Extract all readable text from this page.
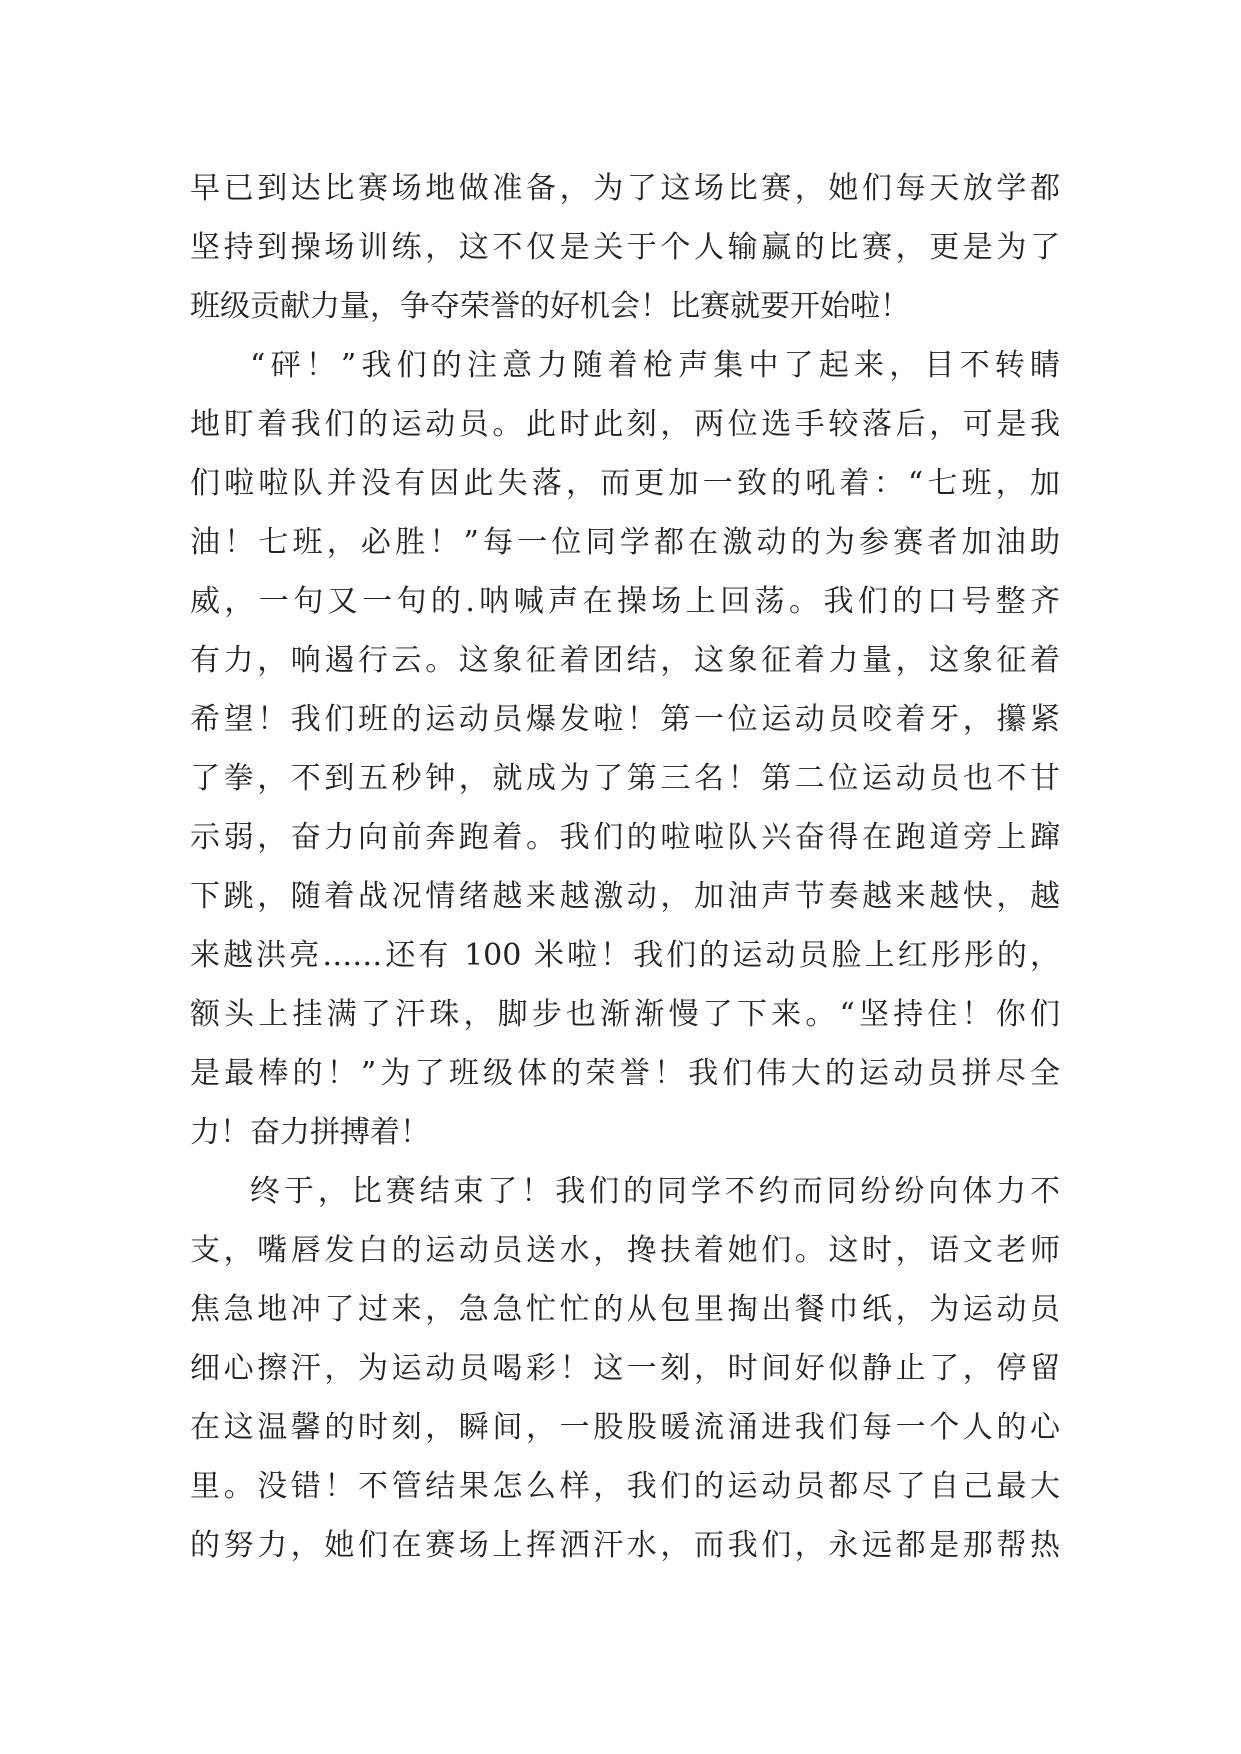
早已到达比赛场地做准备，为了这场比赛，她们每天放学都
坚持到操场训练，这不仅是关于个人输赢的比赛，更是为了
班级贡献力量，争夺荣誉的好机会！比赛就要开始啦！
“砰！”我们的注意力随着枪声集中了起来，目不转睛
地盯着我们的运动员。此时此刻，两位选手较落后，可是我
们啦啦队并没有因此失落，而更加一致的吼着：“七班，加
油！七班，必胜！”每一位同学都在激动的为参赛者加油助
威，一句又一句的.呐喊声在操场上回荡。我们的口号整齐
有力，响遏行云。这象征着团结，这象征着力量，这象征着
希望！我们班的运动员爆发啦！第一位运动员咬着牙，攥紧
了拳，不到五秒钟，就成为了第三名！第二位运动员也不甘
示弱，奋力向前奔跑着。我们的啦啦队兴奋得在跑道旁上蹿
下跳，随着战况情绪越来越激动，加油声节奏越来越快，越
来越洪亮……还有 100 米啦！我们的运动员脸上红彤彤的，
额头上挂满了汗珠，脚步也渐渐慢了下来。“坚持住！你们
是最棒的！”为了班级体的荣誉！我们伟大的运动员拼尽全
力！奋力拼搏着！
终于，比赛结束了！我们的同学不约而同纷纷向体力不
支，嘴唇发白的运动员送水，搀扶着她们。这时，语文老师
焦急地冲了过来，急急忙忙的从包里掏出餐巾纸，为运动员
细心擦汗，为运动员喝彩！这一刻，时间好似静止了，停留
在这温馨的时刻，瞬间，一股股暖流涌进我们每一个人的心
里。没错！不管结果怎么样，我们的运动员都尽了自己最大
的努力，她们在赛场上挥洒汗水，而我们，永远都是那帮热
